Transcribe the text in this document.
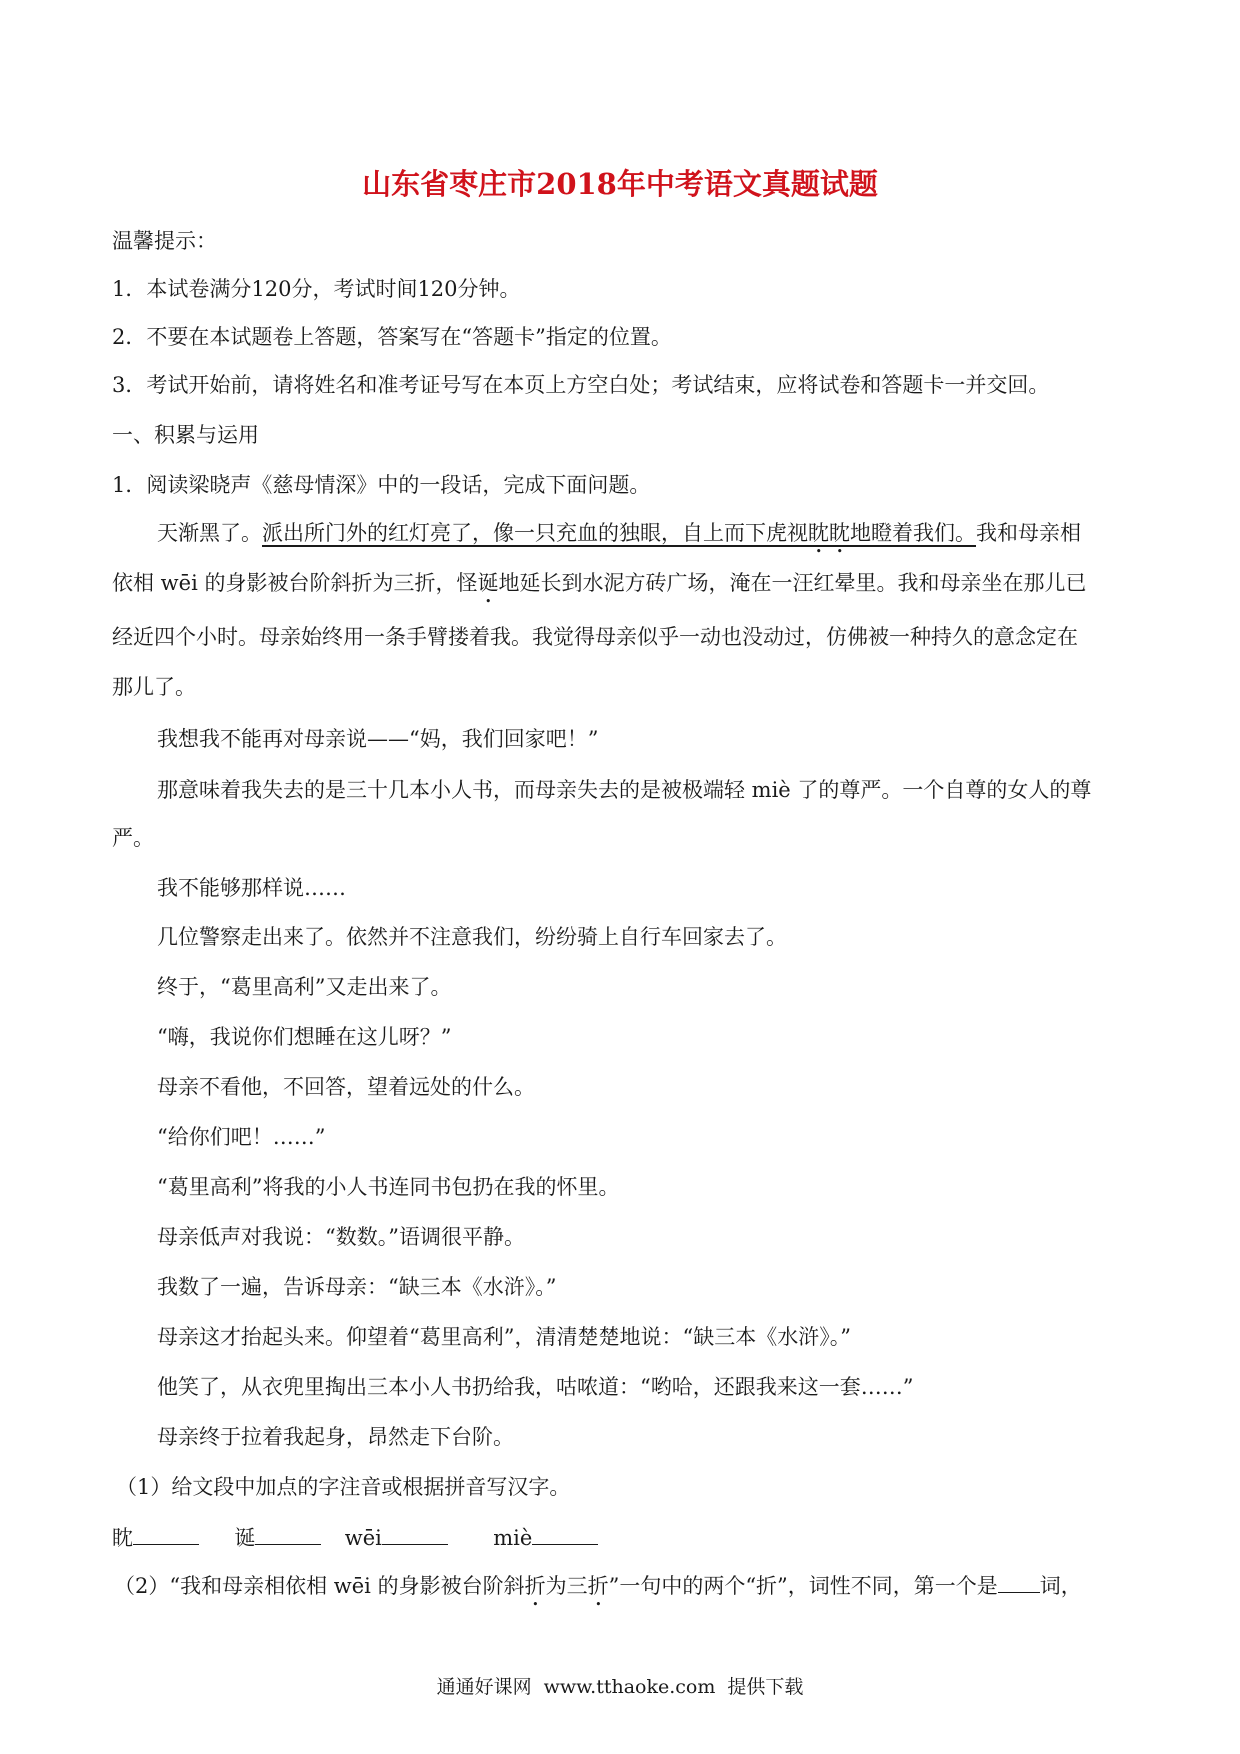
山东省枣庄市2018年中考语文真题试题
温馨提示：
1．本试卷满分120分，考试时间120分钟。
2．不要在本试题卷上答题，答案写在“答题卡”指定的位置。
3．考试开始前，请将姓名和准考证号写在本页上方空白处；考试结束，应将试卷和答题卡一并交回。
一、积累与运用
1．阅读梁晓声《慈母情深》中的一段话，完成下面问题。
天渐黑了。派出所门外的红灯亮了，像一只充血的独眼，自上而下虎视眈眈地瞪着我们。我和母亲相
依相 wēi 的身影被台阶斜折为三折，怪诞地延长到水泥方砖广场，淹在一汪红晕里。我和母亲坐在那儿已
经近四个小时。母亲始终用一条手臂搂着我。我觉得母亲似乎一动也没动过，仿佛被一种持久的意念定在
那儿了。
我想我不能再对母亲说——“妈，我们回家吧！”
那意味着我失去的是三十几本小人书，而母亲失去的是被极端轻 miè 了的尊严。一个自尊的女人的尊
严。
我不能够那样说……
几位警察走出来了。依然并不注意我们，纷纷骑上自行车回家去了。
终于，“葛里高利”又走出来了。
“嗨，我说你们想睡在这儿呀？”
母亲不看他，不回答，望着远处的什么。
“给你们吧！……”
“葛里高利”将我的小人书连同书包扔在我的怀里。
母亲低声对我说：“数数。”语调很平静。
我数了一遍，告诉母亲：“缺三本《水浒》。”
母亲这才抬起头来。仰望着“葛里高利”，清清楚楚地说：“缺三本《水浒》。”
他笑了，从衣兜里掏出三本小人书扔给我，咕哝道：“哟哈，还跟我来这一套……”
母亲终于拉着我起身，昂然走下台阶。
（1）给文段中加点的字注音或根据拼音写汉字。
眈	诞	wēi	miè
（2）“我和母亲相依相 wēi 的身影被台阶斜折为三折”一句中的两个“折”，词性不同，第一个是 词，
通通好课网 www.tthaoke.com 提供下载
